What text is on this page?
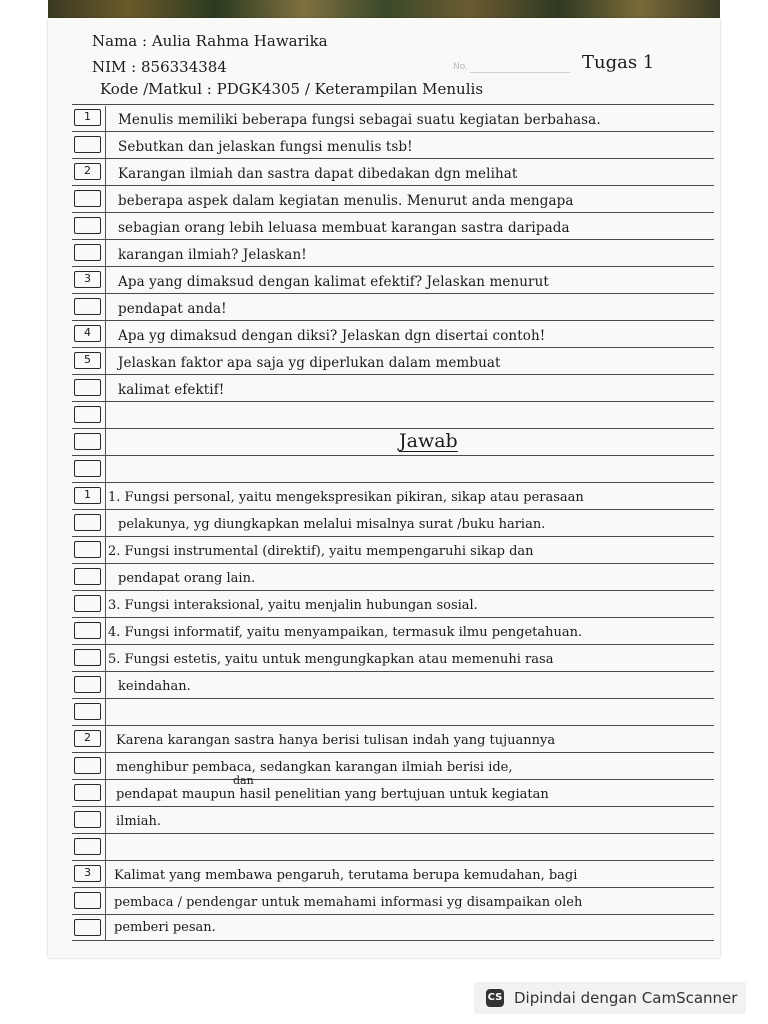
Nama : Aulia Rahma Hawarika
NIM : 856334384
Kode /Matkul : PDGK4305 / Keterampilan Menulis
No.	Tugas 1
1
2
3
4
5
1
2
3
Menulis memiliki beberapa fungsi sebagai suatu kegiatan berbahasa.
Sebutkan dan jelaskan fungsi menulis tsb!
Karangan ilmiah dan sastra dapat dibedakan dgn melihat
beberapa aspek dalam kegiatan menulis. Menurut anda mengapa
sebagian orang lebih leluasa membuat karangan sastra daripada
karangan ilmiah? Jelaskan!
Apa yang dimaksud dengan kalimat efektif? Jelaskan menurut
pendapat anda!
Apa yg dimaksud dengan diksi? Jelaskan dgn disertai contoh!
Jelaskan faktor apa saja yg diperlukan dalam membuat
kalimat efektif!
Jawab
1. Fungsi personal, yaitu mengekspresikan pikiran, sikap atau perasaan
pelakunya, yg diungkapkan melalui misalnya surat /buku harian.
2. Fungsi instrumental (direktif), yaitu mempengaruhi sikap dan
pendapat orang lain.
3. Fungsi interaksional, yaitu menjalin hubungan sosial.
4. Fungsi informatif, yaitu menyampaikan, termasuk ilmu pengetahuan.
5. Fungsi estetis, yaitu untuk mengungkapkan atau memenuhi rasa
keindahan.
Karena karangan sastra hanya berisi tulisan indah yang tujuannya
menghibur pembaca, sedangkan karangan ilmiah berisi ide,
dan
pendapat maupun hasil penelitian yang bertujuan untuk kegiatan
ilmiah.
Kalimat yang membawa pengaruh, terutama berupa kemudahan, bagi
pembaca / pendengar untuk memahami informasi yg disampaikan oleh
pemberi pesan.
CS Dipindai dengan CamScanner
